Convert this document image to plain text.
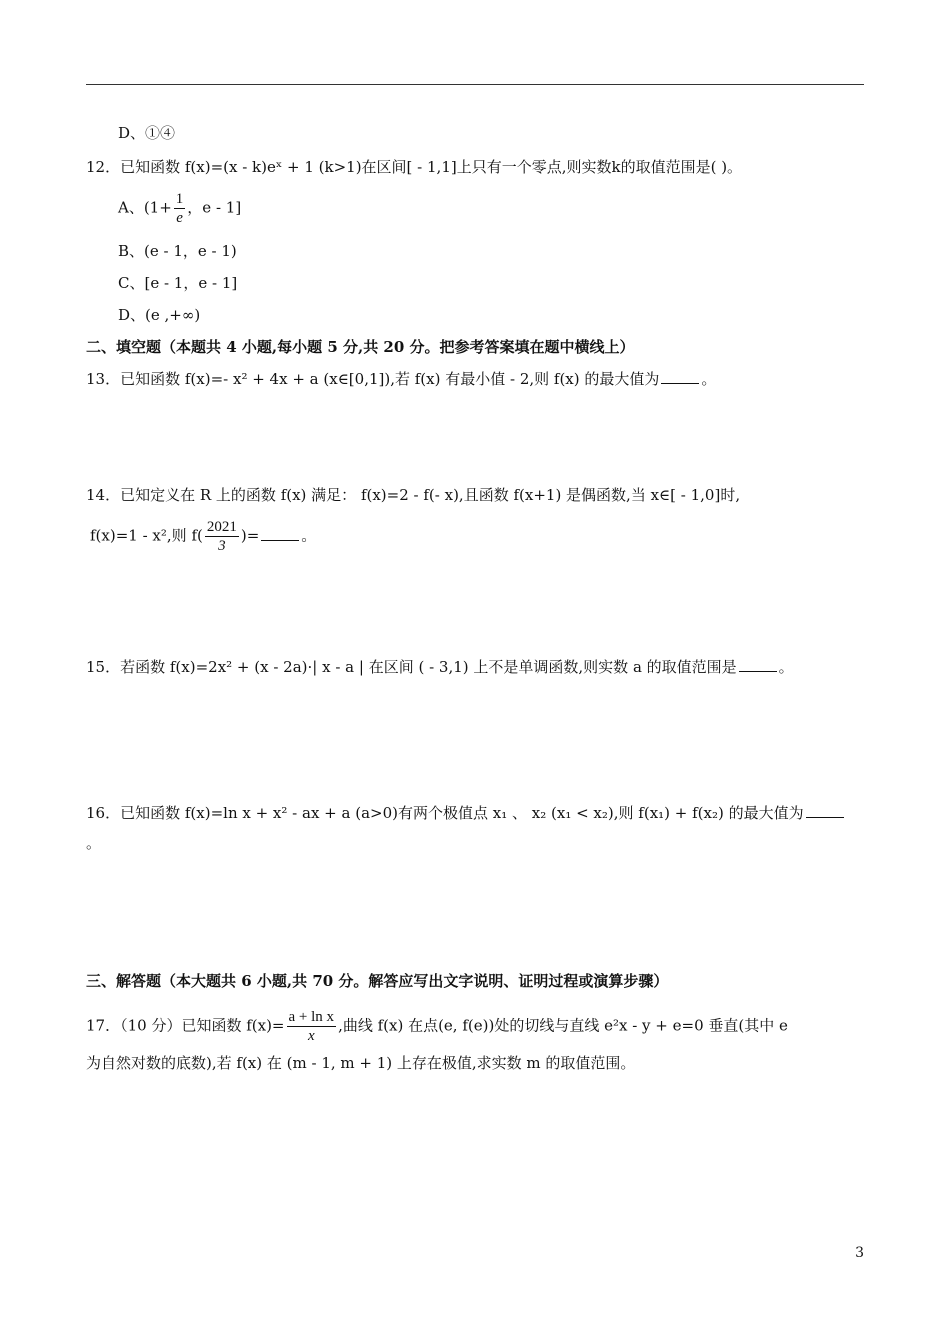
D、①④
12．已知函数 f(x)=(x - k)eˣ + 1 (k>1)在区间[ - 1,1]上只有一个零点,则实数k的取值范围是( )。
A、($1+ \frac{1}{e}$ ，e - 1]
B、(e - 1，e - 1)
C、[e - 1，e - 1]
D、(e ,+∞)
二、填空题（本题共 4 小题,每小题 5 分,共 20 分。把参考答案填在题中横线上）
13．已知函数 f(x)=- x² + 4x + a (x∈[0,1]),若 f(x) 有最小值 - 2,则 f(x) 的最大值为	。
14．已知定义在 R 上的函数 f(x) 满足： f(x)=2 - f(- x),且函数 f(x+1) 是偶函数,当 x∈[ - 1,0]时,
f(x)=1 - x²,则 $f( \frac{2021}{3}$ )=	。
15．若函数 f(x)=2x² + (x - 2a)·| x - a | 在区间 ( - 3,1) 上不是单调函数,则实数 a 的取值范围是	。
16．已知函数 f(x)=ln x + x² - ax + a (a>0)有两个极值点 x₁ 、 x₂ (x₁ < x₂),则 f(x₁) + f(x₂) 的最大值为
。
三、解答题（本大题共 6 小题,共 70 分。解答应写出文字说明、证明过程或演算步骤）
17．（10 分）已知函数 $f(x)= \frac{\text{a + ln x}}{x}$ ,曲线 f(x) 在点(e, f(e))处的切线与直线 e²x - y + e=0 垂直(其中 e
为自然对数的底数),若 f(x) 在 (m - 1, m + 1) 上存在极值,求实数 m 的取值范围。
3
